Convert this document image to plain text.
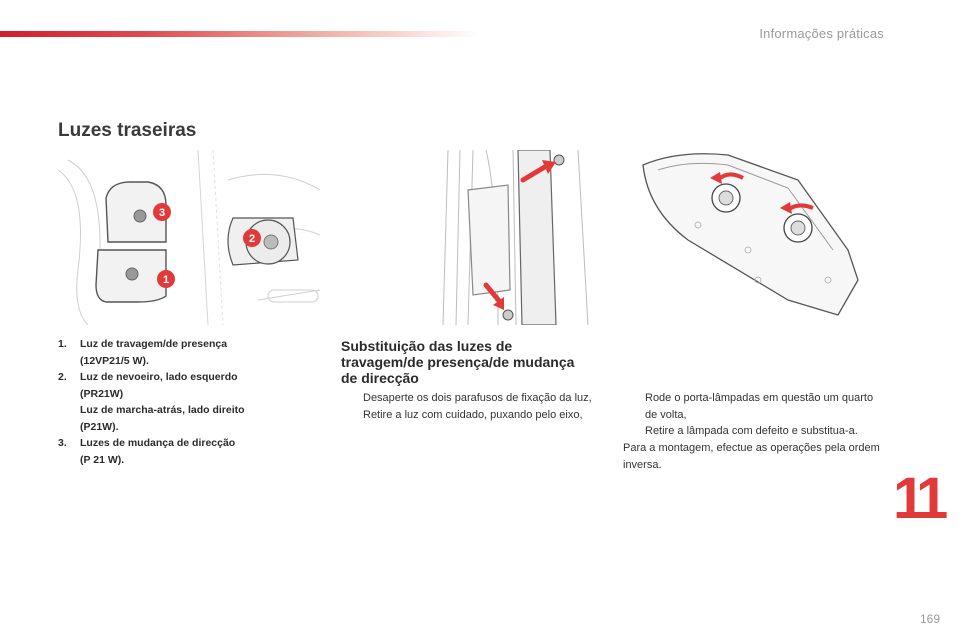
Informações práticas
Luzes traseiras
3
2
1
1. Luz de travagem/de presença
(12VP21/5 W).
2. Luz de nevoeiro, lado esquerdo
(PR21W)
Luz de marcha-atrás, lado direito
(P21W).
3. Luzes de mudança de direcção
(P 21 W).
Substituição das luzes de travagem/de presença/de mudança de direcção
Desaperte os dois parafusos de fixação da luz,
Retire a luz com cuidado, puxando pelo eixo,
Rode o porta-lâmpadas em questão um quarto de volta,
Retire a lâmpada com defeito e substitua-a.

Para a montagem, efectue as operações pela ordem inversa.

11
169
